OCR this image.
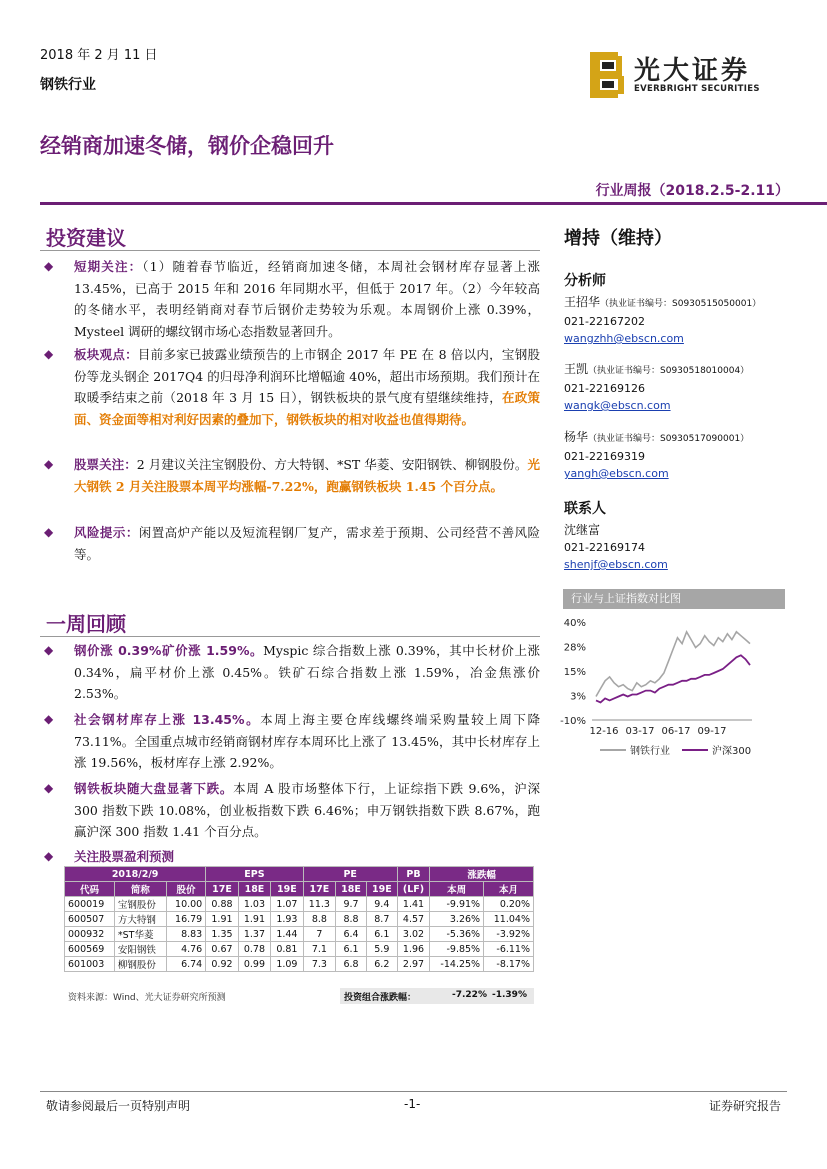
2018 年 2 月 11 日
钢铁行业	光大证券
EVERBRIGHT SECURITIES
经销商加速冬储，钢价企稳回升
行业周报（2018.2.5-2.11）
投资建议
◆ 短期关注：（1）随着春节临近，经销商加速冬储，本周社会钢材库存显著上涨 13.45%，已高于 2015 年和 2016 年同期水平，但低于 2017 年。（2）今年较高的冬储水平，表明经销商对春节后钢价走势较为乐观。本周钢价上涨 0.39%，Mysteel 调研的螺纹钢市场心态指数显著回升。
◆ 板块观点：目前多家已披露业绩预告的上市钢企 2017 年 PE 在 8 倍以内，宝钢股份等龙头钢企 2017Q4 的归母净利润环比增幅逾 40%，超出市场预期。我们预计在取暖季结束之前（2018 年 3 月 15 日），钢铁板块的景气度有望继续维持，在政策面、资金面等相对利好因素的叠加下，钢铁板块的相对收益也值得期待。
◆ 股票关注：2 月建议关注宝钢股份、方大特钢、*ST 华菱、安阳钢铁、柳钢股份。光大钢铁 2 月关注股票本周平均涨幅-7.22%，跑赢钢铁板块 1.45 个百分点。
◆ 风险提示：闲置高炉产能以及短流程钢厂复产，需求差于预期、公司经营不善风险等。
一周回顾
◆ 钢价涨 0.39%矿价涨 1.59%。Myspic 综合指数上涨 0.39%，其中长材价上涨 0.34%，扁平材价上涨 0.45%。铁矿石综合指数上涨 1.59%，冶金焦涨价 2.53%。
◆ 社会钢材库存上涨 13.45%。本周上海主要仓库线螺终端采购量较上周下降 73.11%。全国重点城市经销商钢材库存本周环比上涨了 13.45%，其中长材库存上涨 19.56%，板材库存上涨 2.92%。
◆ 钢铁板块随大盘显著下跌。本周 A 股市场整体下行，上证综指下跌 9.6%，沪深 300 指数下跌 10.08%，创业板指数下跌 6.46%；申万钢铁指数下跌 8.67%，跑赢沪深 300 指数 1.41 个百分点。
◆ 关注股票盈利预测
2018/2/9			EPS			PE			PB	涨跌幅	
代码	简称	股价	17E	18E	19E	17E	18E	19E	(LF)	本周	本月
600019	宝钢股份	10.00	0.88	1.03	1.07	11.3	9.7	9.4	1.41	-9.91%	0.20%
600507	方大特钢	16.79	1.91	1.91	1.93	8.8	8.8	8.7	4.57	3.26%	11.04%
000932	*ST华菱	8.83	1.35	1.37	1.44	7	6.4	6.1	3.02	-5.36%	-3.92%
600569	安阳钢铁	4.76	0.67	0.78	0.81	7.1	6.1	5.9	1.96	-9.85%	-6.11%
601003	柳钢股份	6.74	0.92	0.99	1.09	7.3	6.8	6.2	2.97	-14.25%	-8.17%
资料来源：Wind、光大证券研究所预测	投资组合涨跌幅：	-7.22% -1.39%
增持（维持）
分析师
王招华（执业证书编号：S0930515050001）
021-22167202
wangzhh@ebscn.com
王凯（执业证书编号：S0930518010004）
021-22169126
wangk@ebscn.com
杨华（执业证书编号：S0930517090001）
021-22169319
yangh@ebscn.com
联系人
沈继富
021-22169174
shenjf@ebscn.com
行业与上证指数对比图
40%
28%
15%
3%
-10%
12-16 03-17 06-17 09-17
钢铁行业	沪深300
敬请参阅最后一页特别声明	-1-	证券研究报告
